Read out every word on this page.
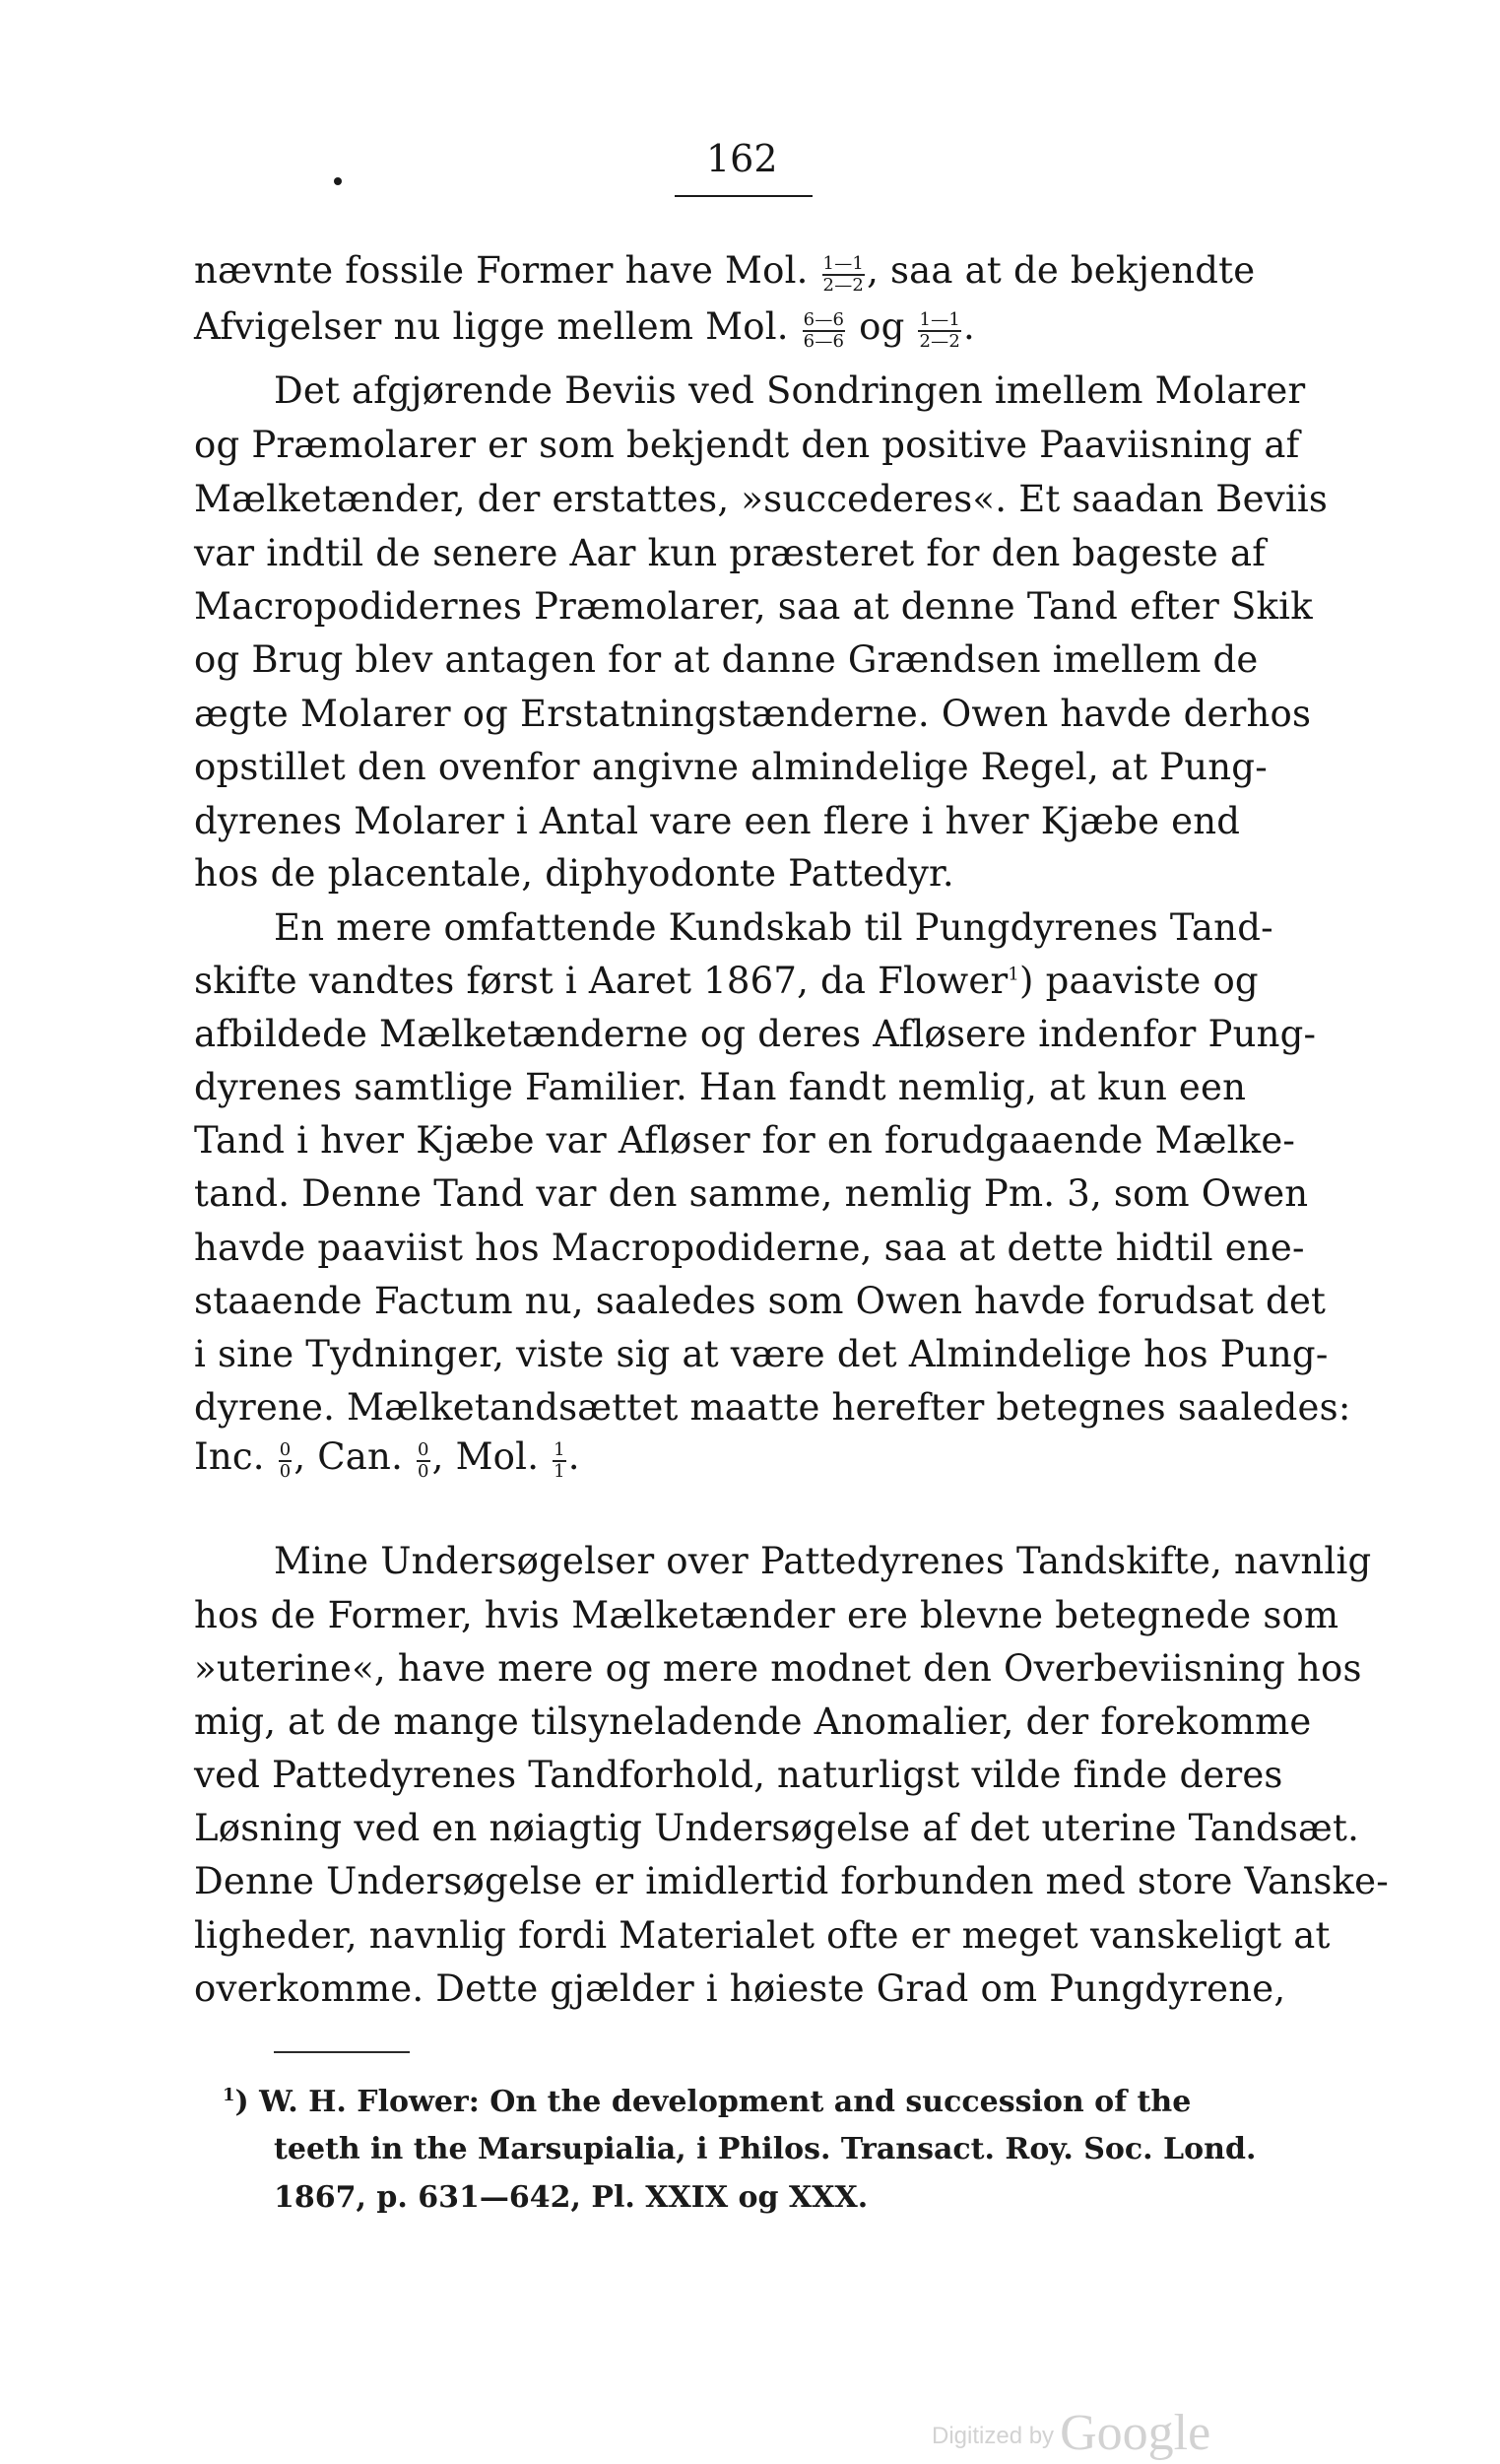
162
nævnte fossile Former have Mol. $\frac{1—1}{2—2}$ , saa at de bekjendte
Afvigelser nu ligge mellem Mol. $\frac{6—6}{6—6}$ og $\frac{1—1}{2—2}$ .
Det afgjørende Beviis ved Sondringen imellem Molarer
og Præmolarer er som bekjendt den positive Paaviisning af
Mælketænder, der erstattes, »succederes«. Et saadan Beviis
var indtil de senere Aar kun præsteret for den bageste af
Macropodidernes Præmolarer, saa at denne Tand efter Skik
og Brug blev antagen for at danne Grændsen imellem de
ægte Molarer og Erstatningstænderne. Owen havde derhos
opstillet den ovenfor angivne almindelige Regel, at Pung-
dyrenes Molarer i Antal vare een flere i hver Kjæbe end
hos de placentale, diphyodonte Pattedyr.
En mere omfattende Kundskab til Pungdyrenes Tand-
skifte vandtes først i Aaret 1867, da Flower$^1$) paaviste og
afbildede Mælketænderne og deres Afløsere indenfor Pung-
dyrenes samtlige Familier. Han fandt nemlig, at kun een
Tand i hver Kjæbe var Afløser for en forudgaaende Mælke-
tand. Denne Tand var den samme, nemlig Pm. 3, som Owen
havde paaviist hos Macropodiderne, saa at dette hidtil ene-
staaende Factum nu, saaledes som Owen havde forudsat det
i sine Tydninger, viste sig at være det Almindelige hos Pung-
dyrene. Mælketandsættet maatte herefter betegnes saaledes:
Inc. $\frac{0}{0}$ , Can. $\frac{0}{0}$ , Mol. $\frac{1}{1}$ .
Mine Undersøgelser over Pattedyrenes Tandskifte, navnlig
hos de Former, hvis Mælketænder ere blevne betegnede som
»uterine«, have mere og mere modnet den Overbeviisning hos
mig, at de mange tilsyneladende Anomalier, der forekomme
ved Pattedyrenes Tandforhold, naturligst vilde finde deres
Løsning ved en nøiagtig Undersøgelse af det uterine Tandsæt.
Denne Undersøgelse er imidlertid forbunden med store Vanske-
ligheder, navnlig fordi Materialet ofte er meget vanskeligt at
overkomme. Dette gjælder i høieste Grad om Pungdyrene,
$^1$) W. H. Flower: On the development and succession of the
teeth in the Marsupialia, i Philos. Transact. Roy. Soc. Lond.
1867, p. 631—642, Pl. XXIX og XXX.
Digitized by Google
